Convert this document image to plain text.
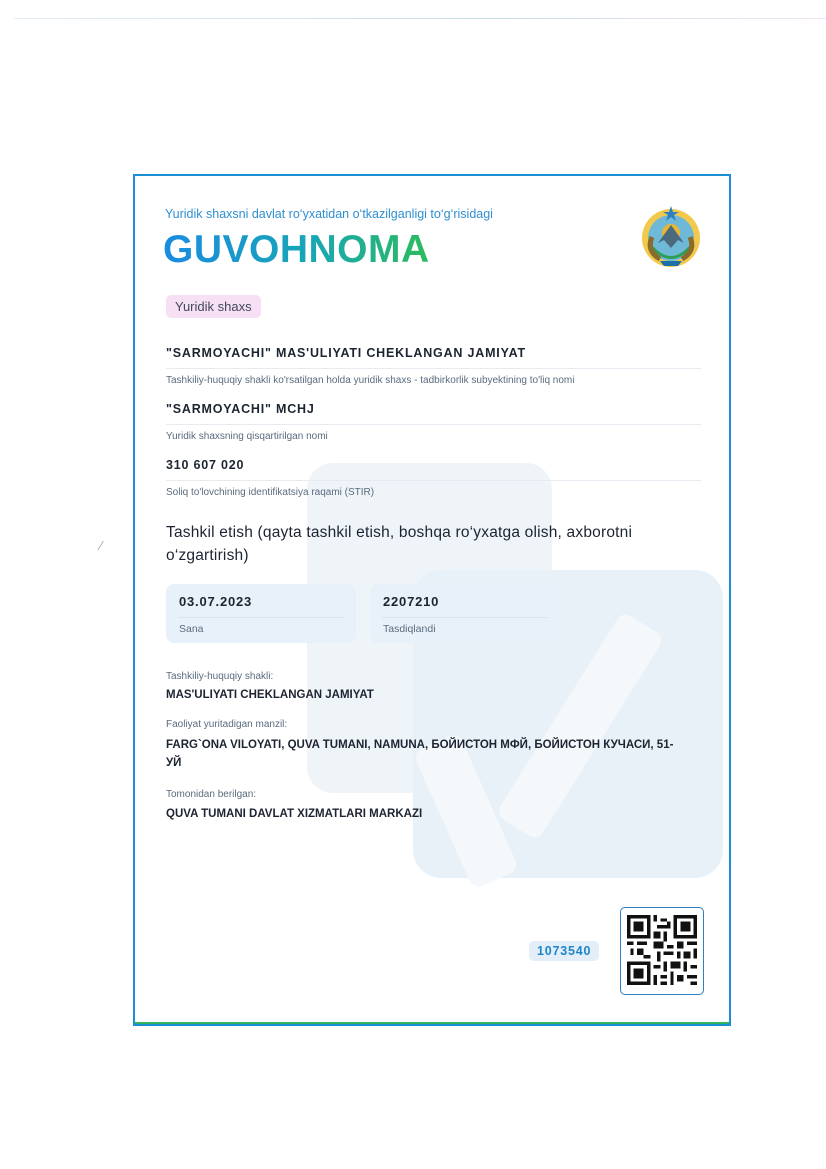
⁄
Yuridik shaxsni davlat ro‘yxatidan o‘tkazilganligi to‘g‘risidagi
GUVOHNOMA
Yuridik shaxs
"SARMOYACHI" MAS'ULIYATI CHEKLANGAN JAMIYAT
Tashkiliy-huquqiy shakli ko'rsatilgan holda yuridik shaxs - tadbirkorlik subyektining to'liq nomi
"SARMOYACHI" MCHJ
Yuridik shaxsning qisqartirilgan nomi
310 607 020
Soliq to'lovchining identifikatsiya raqami (STIR)
Tashkil etish (qayta tashkil etish, boshqa ro‘yxatga olish, axborotni o‘zgartirish)
03.07.2023
Sana
2207210
Tasdiqlandi
Tashkiliy-huquqiy shakli:
MAS'ULIYATI CHEKLANGAN JAMIYAT
Faoliyat yuritadigan manzil:
FARG`ONA VILOYATI, QUVA TUMANI, NAMUNA, БОЙИСТОН МФЙ, БОЙИСТОН КУЧАСИ, 51-УЙ
Tomonidan berilgan:
QUVA TUMANI DAVLAT XIZMATLARI MARKAZI
1073540
